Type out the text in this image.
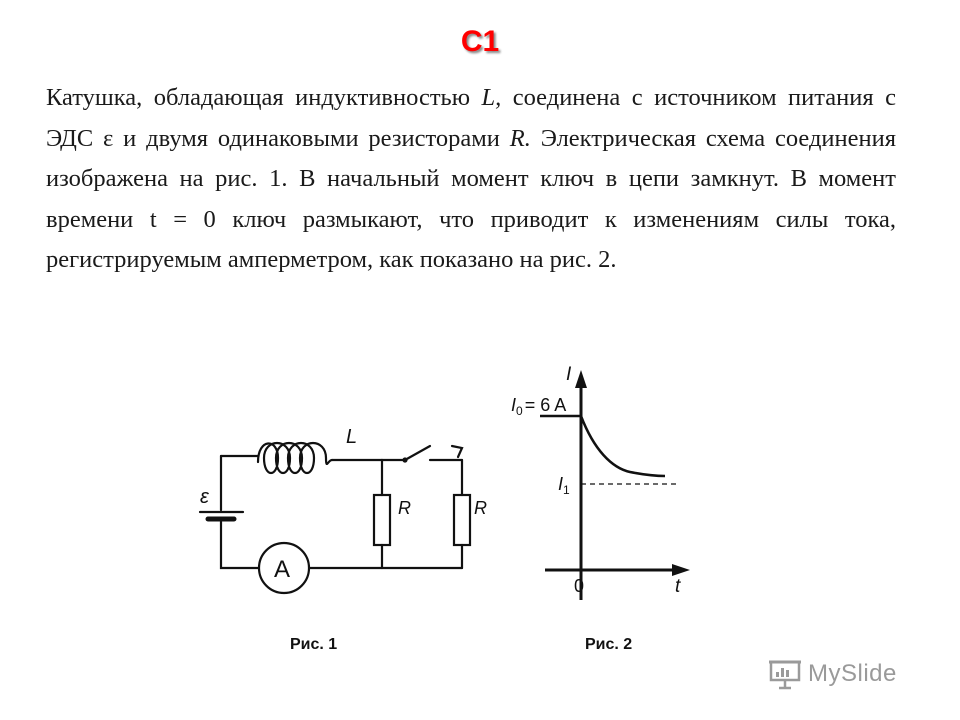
С1

Катушка, обладающая индуктивностью L, соединена с источником питания с ЭДС ε и двумя одинаковыми резисторами R. Электрическая схема соединения изображена на рис. 1. В начальный момент ключ в цепи замкнут. В момент времени t = 0 ключ размыкают, что приводит к изменениям силы тока, регистрируемым амперметром, как показано на рис. 2.

ε
L
R	R
A
I
t
0
$I_0 = 6$ A
$I_1$
Рис. 1	Рис. 2
MySlide
